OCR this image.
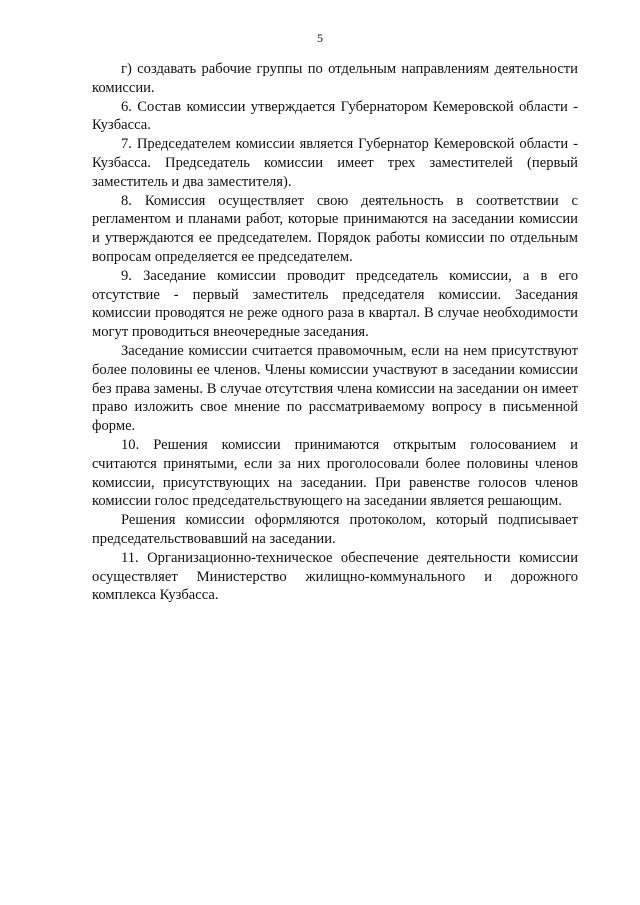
5

г) создавать рабочие группы по отдельным направлениям деятельности комиссии.

6. Состав комиссии утверждается Губернатором Кемеровской области - Кузбасса.

7. Председателем комиссии является Губернатор Кемеровской области - Кузбасса. Председатель комиссии имеет трех заместителей (первый заместитель и два заместителя).

8. Комиссия осуществляет свою деятельность в соответствии с регламентом и планами работ, которые принимаются на заседании комиссии и утверждаются ее председателем. Порядок работы комиссии по отдельным вопросам определяется ее председателем.

9. Заседание комиссии проводит председатель комиссии, а в его отсутствие - первый заместитель председателя комиссии. Заседания комиссии проводятся не реже одного раза в квартал. В случае необходимости могут проводиться внеочередные заседания.

Заседание комиссии считается правомочным, если на нем присутствуют более половины ее членов. Члены комиссии участвуют в заседании комиссии без права замены. В случае отсутствия члена комиссии на заседании он имеет право изложить свое мнение по рассматриваемому вопросу в письменной форме.

10. Решения комиссии принимаются открытым голосованием и считаются принятыми, если за них проголосовали более половины членов комиссии, присутствующих на заседании. При равенстве голосов членов комиссии голос председательствующего на заседании является решающим.

Решения комиссии оформляются протоколом, который подписывает председательствовавший на заседании.

11. Организационно-техническое обеспечение деятельности комиссии осуществляет Министерство жилищно-коммунального и дорожного комплекса Кузбасса.
